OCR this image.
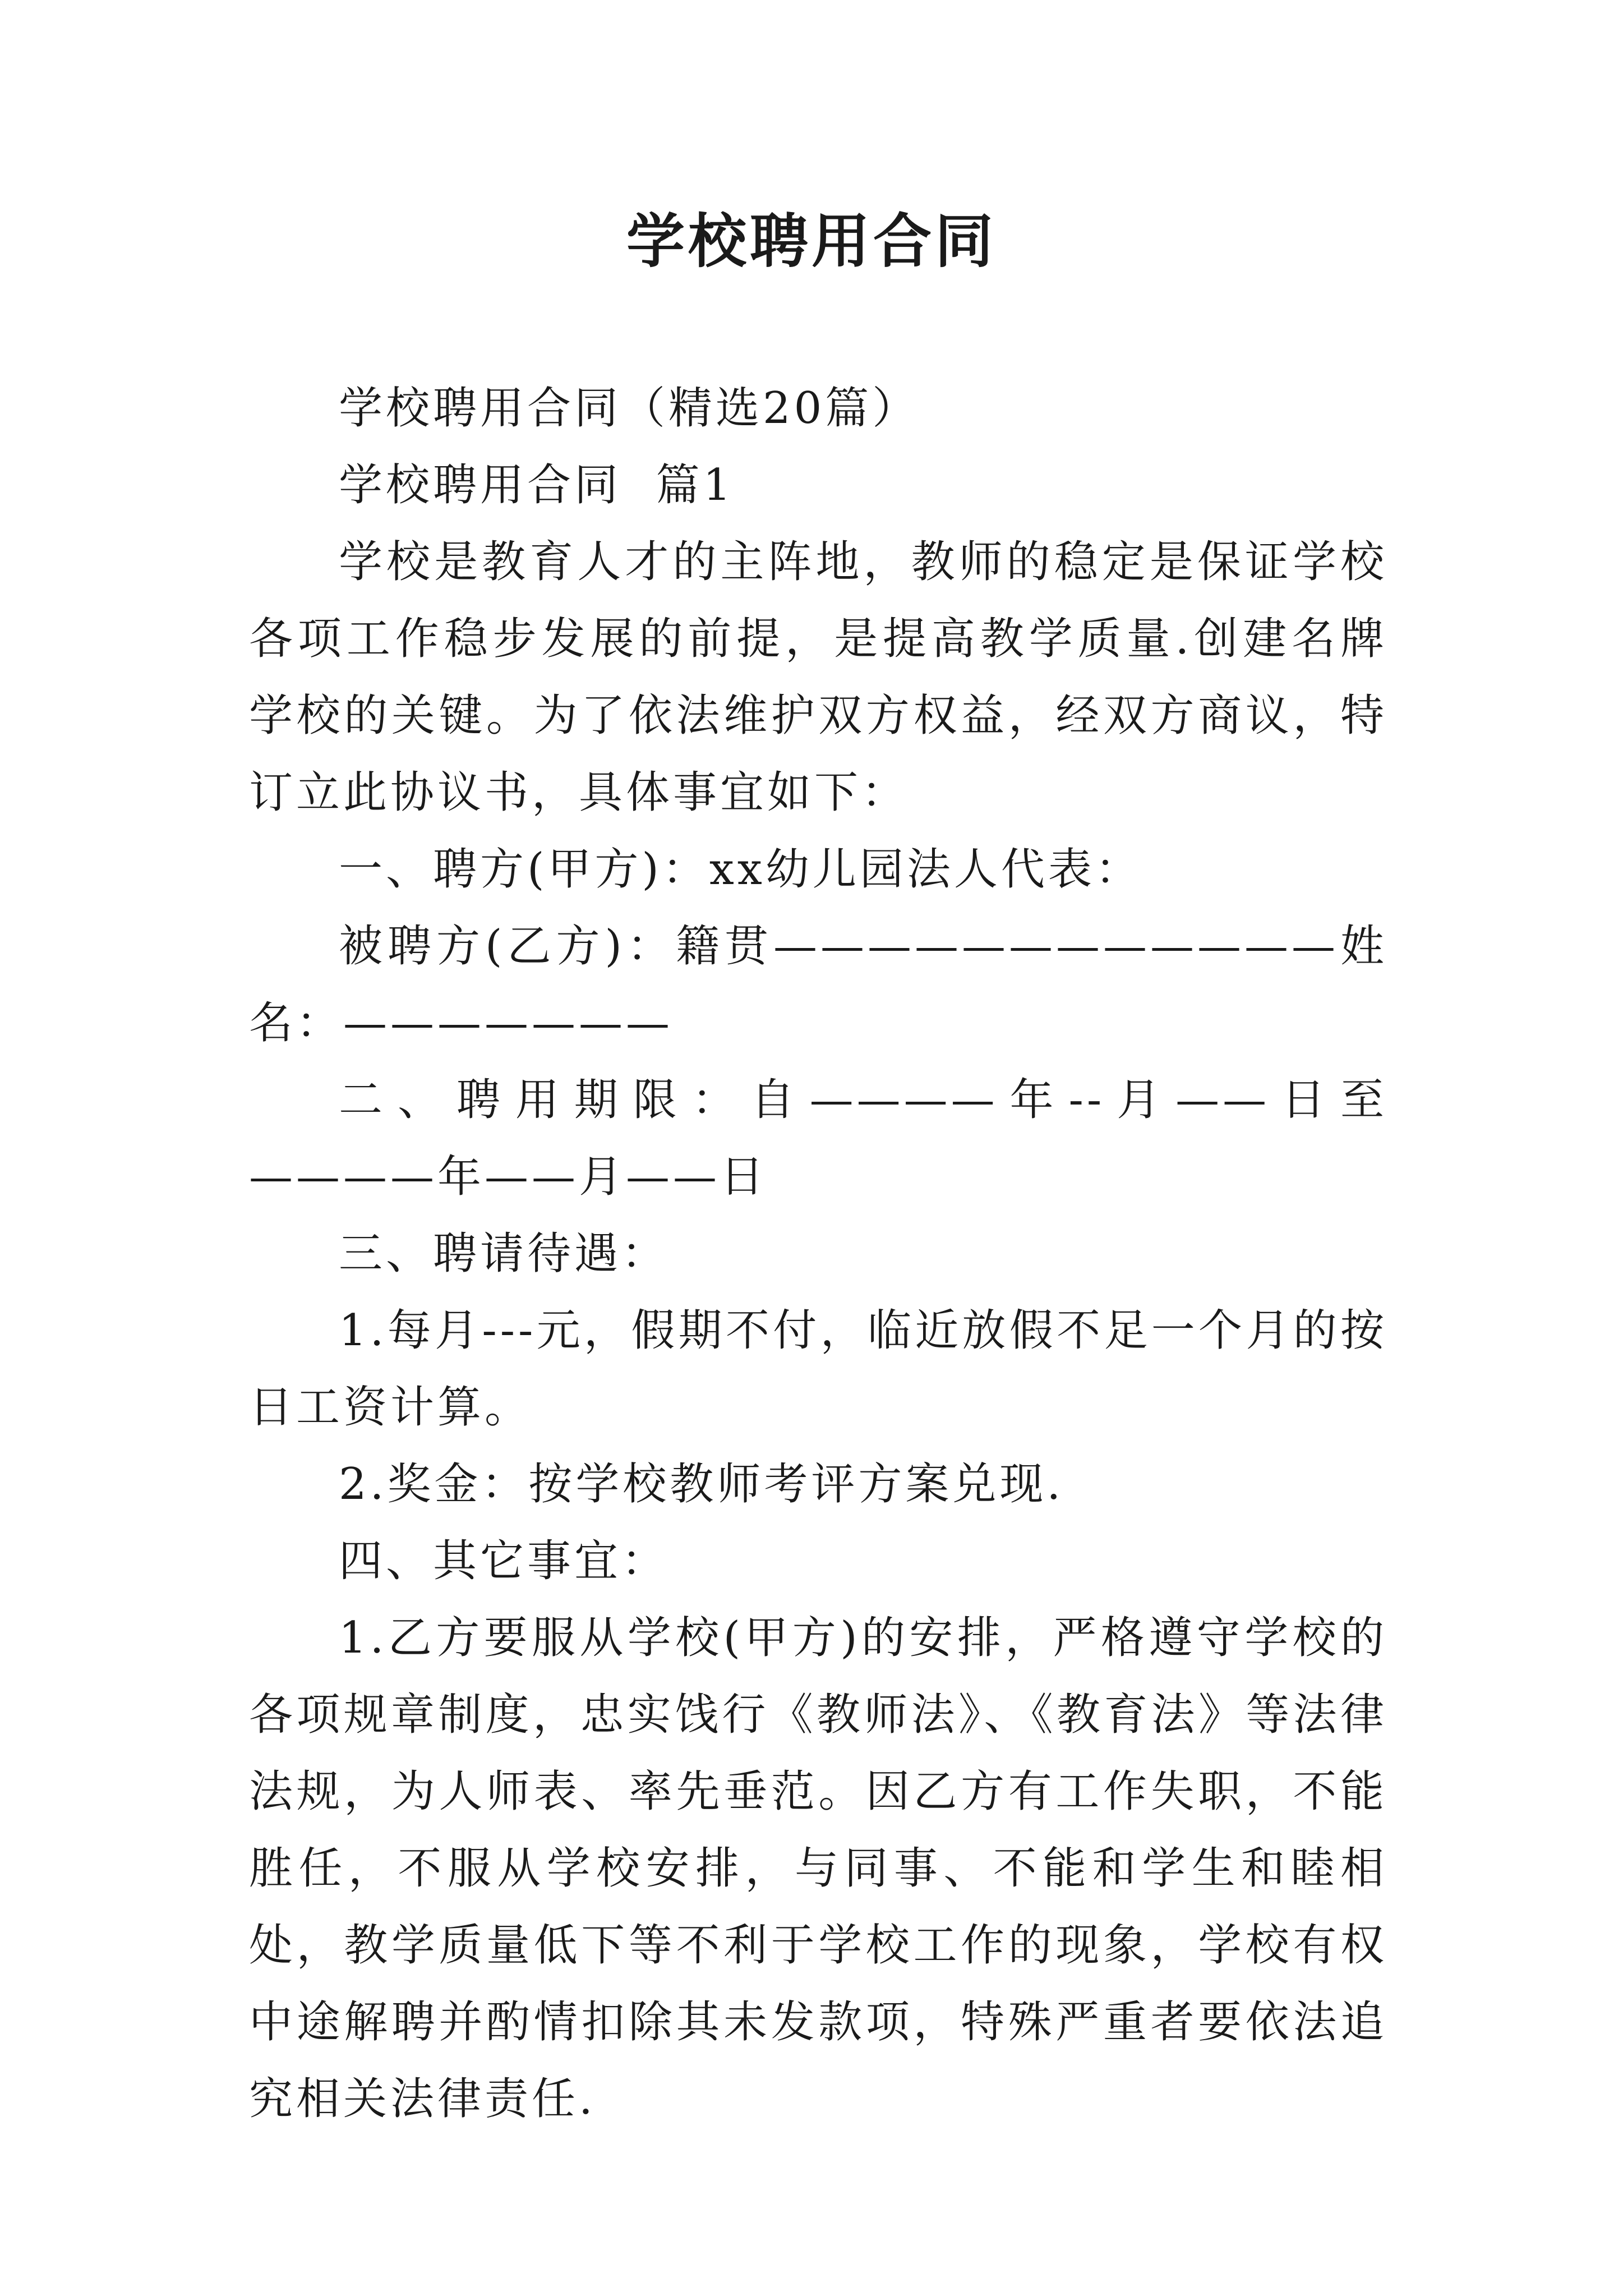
学校聘用合同

学校聘用合同（精选20篇）

学校聘用合同  篇1

学校是教育人才的主阵地，教师的稳定是保证学校各项工作稳步发展的前提，是提高教学质量.创建名牌学校的关键。为了依法维护双方权益，经双方商议，特订立此协议书，具体事宜如下：

一、聘方(甲方)：xx幼儿园法人代表：

被聘方(乙方)：籍贯————————————姓名：———————

二、聘用期限：自————年--月——日至————年——月——日

三、聘请待遇：

1.每月---元，假期不付，临近放假不足一个月的按日工资计算。

2.奖金：按学校教师考评方案兑现.

四、其它事宜：

1.乙方要服从学校(甲方)的安排，严格遵守学校的各项规章制度，忠实饯行《教师法》、《教育法》等法律法规，为人师表、率先垂范。因乙方有工作失职，不能胜任，不服从学校安排，与同事、不能和学生和睦相处，教学质量低下等不利于学校工作的现象，学校有权中途解聘并酌情扣除其未发款项，特殊严重者要依法追究相关法律责任.
